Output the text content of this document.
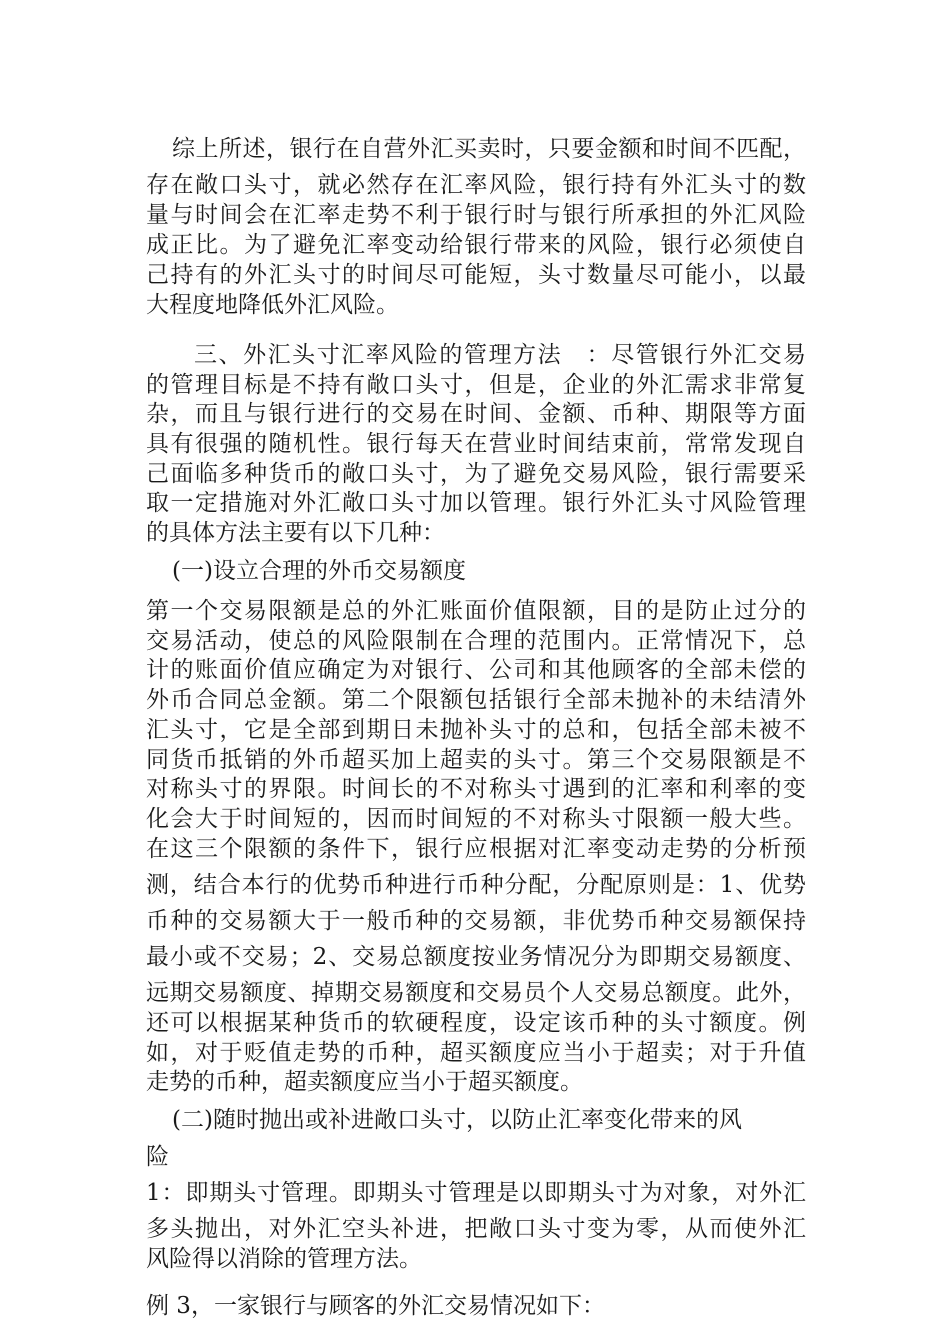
综上所述，银行在自营外汇买卖时，只要金额和时间不匹配，
存在敞口头寸，就必然存在汇率风险，银行持有外汇头寸的数
量与时间会在汇率走势不利于银行时与银行所承担的外汇风险
成正比。为了避免汇率变动给银行带来的风险，银行必须使自
己持有的外汇头寸的时间尽可能短，头寸数量尽可能小，以最
大程度地降低外汇风险。
三、外汇头寸汇率风险的管理方法　：尽管银行外汇交易
的管理目标是不持有敞口头寸，但是，企业的外汇需求非常复
杂，而且与银行进行的交易在时间、金额、币种、期限等方面
具有很强的随机性。银行每天在营业时间结束前，常常发现自
己面临多种货币的敞口头寸，为了避免交易风险，银行需要采
取一定措施对外汇敞口头寸加以管理。银行外汇头寸风险管理
的具体方法主要有以下几种：
(一)设立合理的外币交易额度
第一个交易限额是总的外汇账面价值限额，目的是防止过分的
交易活动，使总的风险限制在合理的范围内。正常情况下，总
计的账面价值应确定为对银行、公司和其他顾客的全部未偿的
外币合同总金额。第二个限额包括银行全部未抛补的未结清外
汇头寸，它是全部到期日未抛补头寸的总和，包括全部未被不
同货币抵销的外币超买加上超卖的头寸。第三个交易限额是不
对称头寸的界限。时间长的不对称头寸遇到的汇率和利率的变
化会大于时间短的，因而时间短的不对称头寸限额一般大些。
在这三个限额的条件下，银行应根据对汇率变动走势的分析预
测，结合本行的优势币种进行币种分配，分配原则是：1、优势
币种的交易额大于一般币种的交易额，非优势币种交易额保持
最小或不交易；2、交易总额度按业务情况分为即期交易额度、
远期交易额度、掉期交易额度和交易员个人交易总额度。此外，
还可以根据某种货币的软硬程度，设定该币种的头寸额度。例
如，对于贬值走势的币种，超买额度应当小于超卖；对于升值
走势的币种，超卖额度应当小于超买额度。
(二)随时抛出或补进敞口头寸，以防止汇率变化带来的风
险
1：即期头寸管理。即期头寸管理是以即期头寸为对象，对外汇
多头抛出，对外汇空头补进，把敞口头寸变为零，从而使外汇
风险得以消除的管理方法。
例 3，一家银行与顾客的外汇交易情况如下：
